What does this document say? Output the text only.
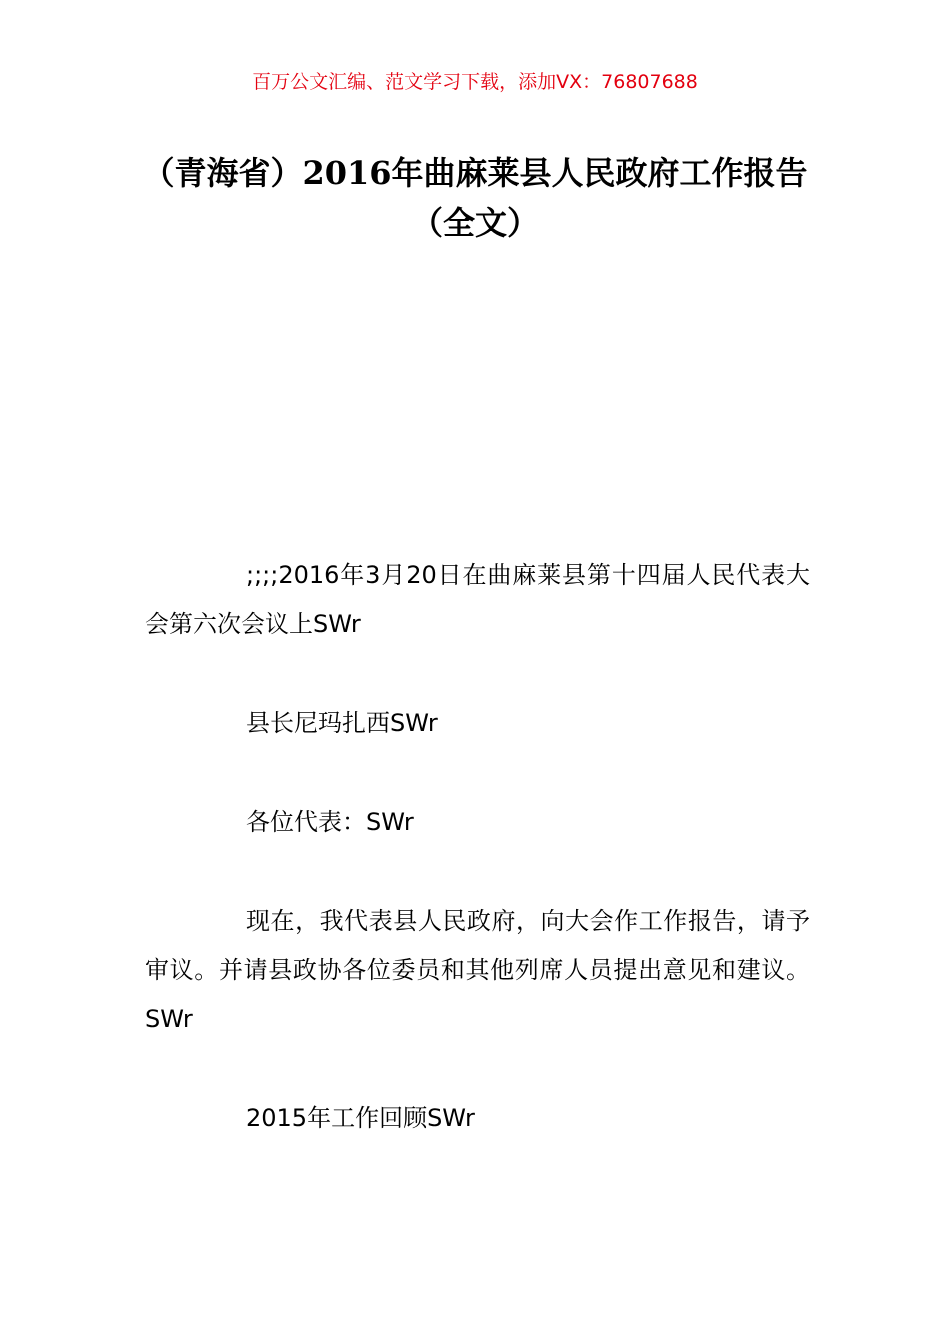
百万公文汇编、范文学习下载，添加VX：76807688
（青海省）2016年曲麻莱县人民政府工作报告（全文）

;;;;2016年3月20日在曲麻莱县第十四届人民代表大会第六次会议上SWr

县长尼玛扎西SWr

各位代表：SWr

现在，我代表县人民政府，向大会作工作报告，请予审议。并请县政协各位委员和其他列席人员提出意见和建议。SWr

2015年工作回顾SWr
